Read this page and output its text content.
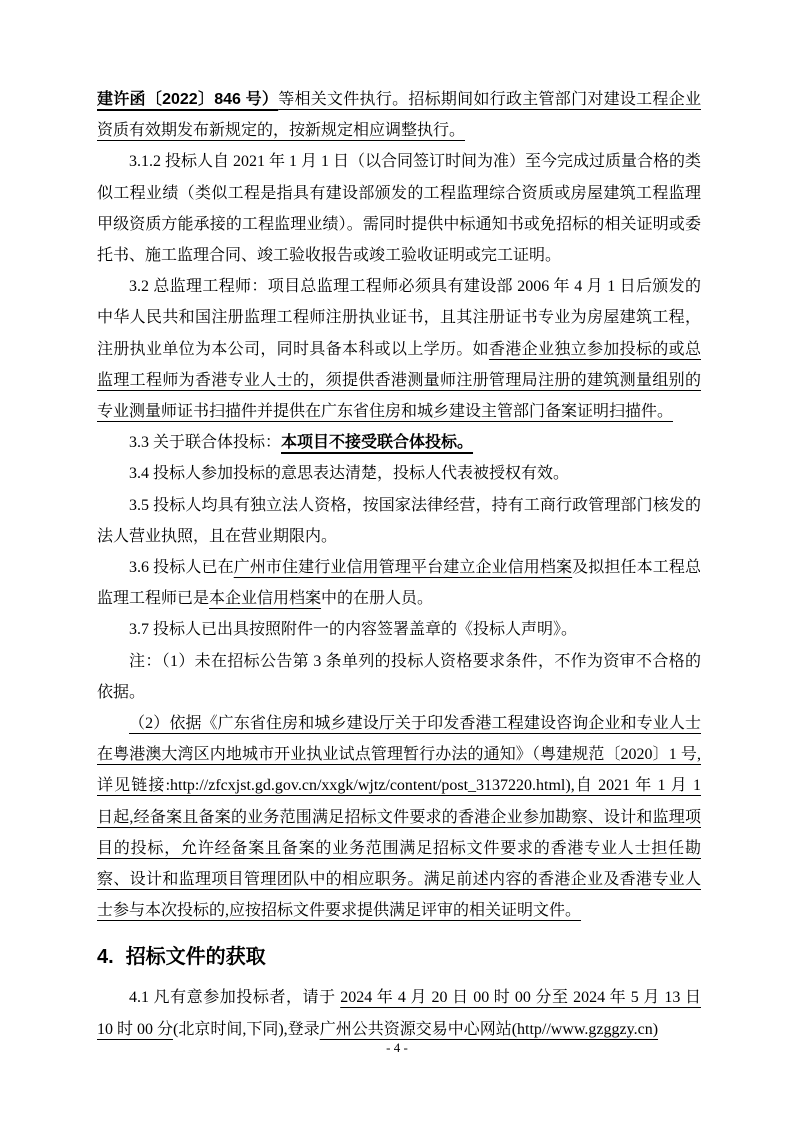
建许函〔2022〕846 号）等相关文件执行。招标期间如行政主管部门对建设工程企业资质有效期发布新规定的，按新规定相应调整执行。

3.1.2 投标人自 2021 年 1 月 1 日（以合同签订时间为准）至今完成过质量合格的类似工程业绩（类似工程是指具有建设部颁发的工程监理综合资质或房屋建筑工程监理甲级资质方能承接的工程监理业绩）。需同时提供中标通知书或免招标的相关证明或委托书、施工监理合同、竣工验收报告或竣工验收证明或完工证明。

3.2 总监理工程师：项目总监理工程师必须具有建设部 2006 年 4 月 1 日后颁发的中华人民共和国注册监理工程师注册执业证书，且其注册证书专业为房屋建筑工程，注册执业单位为本公司，同时具备本科或以上学历。如香港企业独立参加投标的或总监理工程师为香港专业人士的，须提供香港测量师注册管理局注册的建筑测量组别的专业测量师证书扫描件并提供在广东省住房和城乡建设主管部门备案证明扫描件。

3.3 关于联合体投标：本项目不接受联合体投标。

3.4 投标人参加投标的意思表达清楚，投标人代表被授权有效。

3.5 投标人均具有独立法人资格，按国家法律经营，持有工商行政管理部门核发的法人营业执照，且在营业期限内。

3.6 投标人已在广州市住建行业信用管理平台建立企业信用档案及拟担任本工程总监理工程师已是本企业信用档案中的在册人员。

3.7 投标人已出具按照附件一的内容签署盖章的《投标人声明》。

注：（1）未在招标公告第 3 条单列的投标人资格要求条件，不作为资审不合格的依据。

（2）依据《广东省住房和城乡建设厅关于印发香港工程建设咨询企业和专业人士在粤港澳大湾区内地城市开业执业试点管理暂行办法的通知》（粤建规范〔2020〕1 号,详见链接:http://zfcxjst.gd.gov.cn/xxgk/wjtz/content/post_3137220.html),自 2021 年 1 月 1 日起,经备案且备案的业务范围满足招标文件要求的香港企业参加勘察、设计和监理项目的投标，允许经备案且备案的业务范围满足招标文件要求的香港专业人士担任勘察、设计和监理项目管理团队中的相应职务。满足前述内容的香港企业及香港专业人士参与本次投标的,应按招标文件要求提供满足评审的相关证明文件。

4. 招标文件的获取

4.1 凡有意参加投标者，请于 2024 年 4 月 20 日 00 时 00 分至 2024 年 5 月 13 日 10 时 00 分(北京时间,下同),登录广州公共资源交易中心网站(http//www.gzggzy.cn)

- 4 -
